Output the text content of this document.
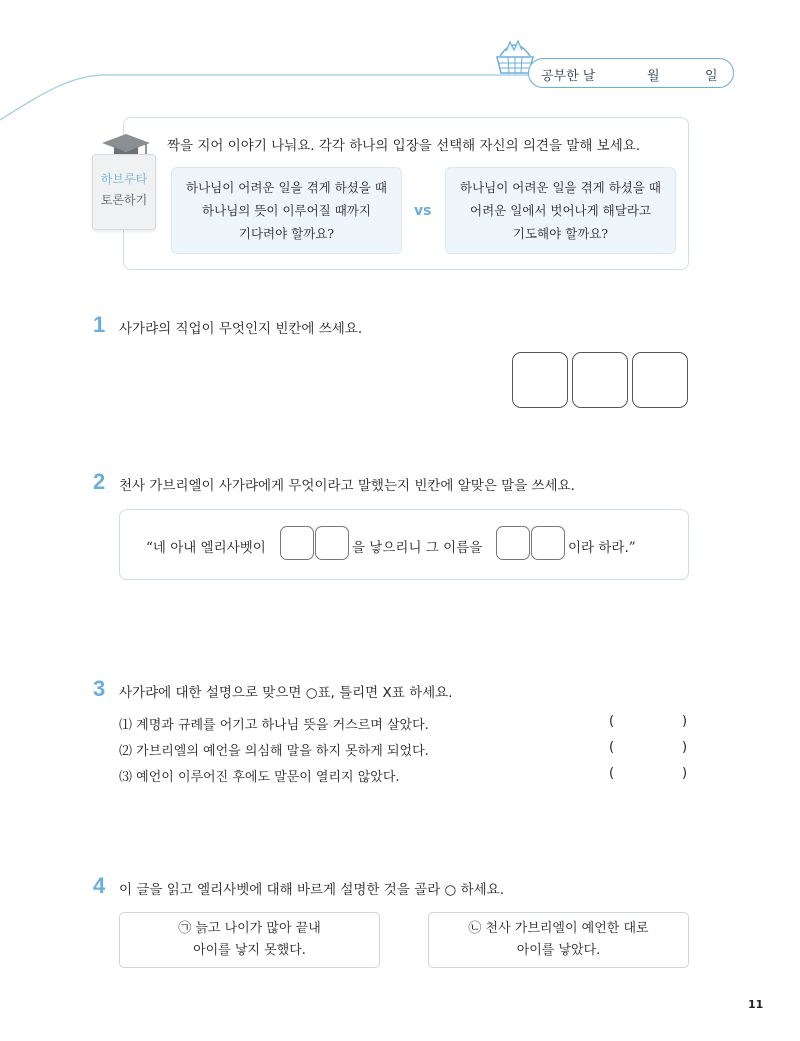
공부한 날	월	일
하브루타
토론하기
짝을 지어 이야기 나눠요. 각각 하나의 입장을 선택해 자신의 의견을 말해 보세요.
하나님이 어려운 일을 겪게 하셨을 때
하나님의 뜻이 이루어질 때까지
기다려야 할까요?
vs
하나님이 어려운 일을 겪게 하셨을 때
어려운 일에서 벗어나게 해달라고
기도해야 할까요?
1 사가랴의 직업이 무엇인지 빈칸에 쓰세요.
2 천사 가브리엘이 사가랴에게 무엇이라고 말했는지 빈칸에 알맞은 말을 쓰세요.
“네 아내 엘리사벳이	을 낳으리니 그 이름을	이라 하라.”
3 사가랴에 대한 설명으로 맞으면 ○표, 틀리면 X표 하세요.
⑴ 계명과 규례를 어기고 하나님 뜻을 거스르며 살았다.	(	)
⑵ 가브리엘의 예언을 의심해 말을 하지 못하게 되었다.	(	)
⑶ 예언이 이루어진 후에도 말문이 열리지 않았다.	(	)
4 이 글을 읽고 엘리사벳에 대해 바르게 설명한 것을 골라 ○ 하세요.
㉠ 늙고 나이가 많아 끝내
아이를 낳지 못했다.
㉡ 천사 가브리엘이 예언한 대로
아이를 낳았다.
11
